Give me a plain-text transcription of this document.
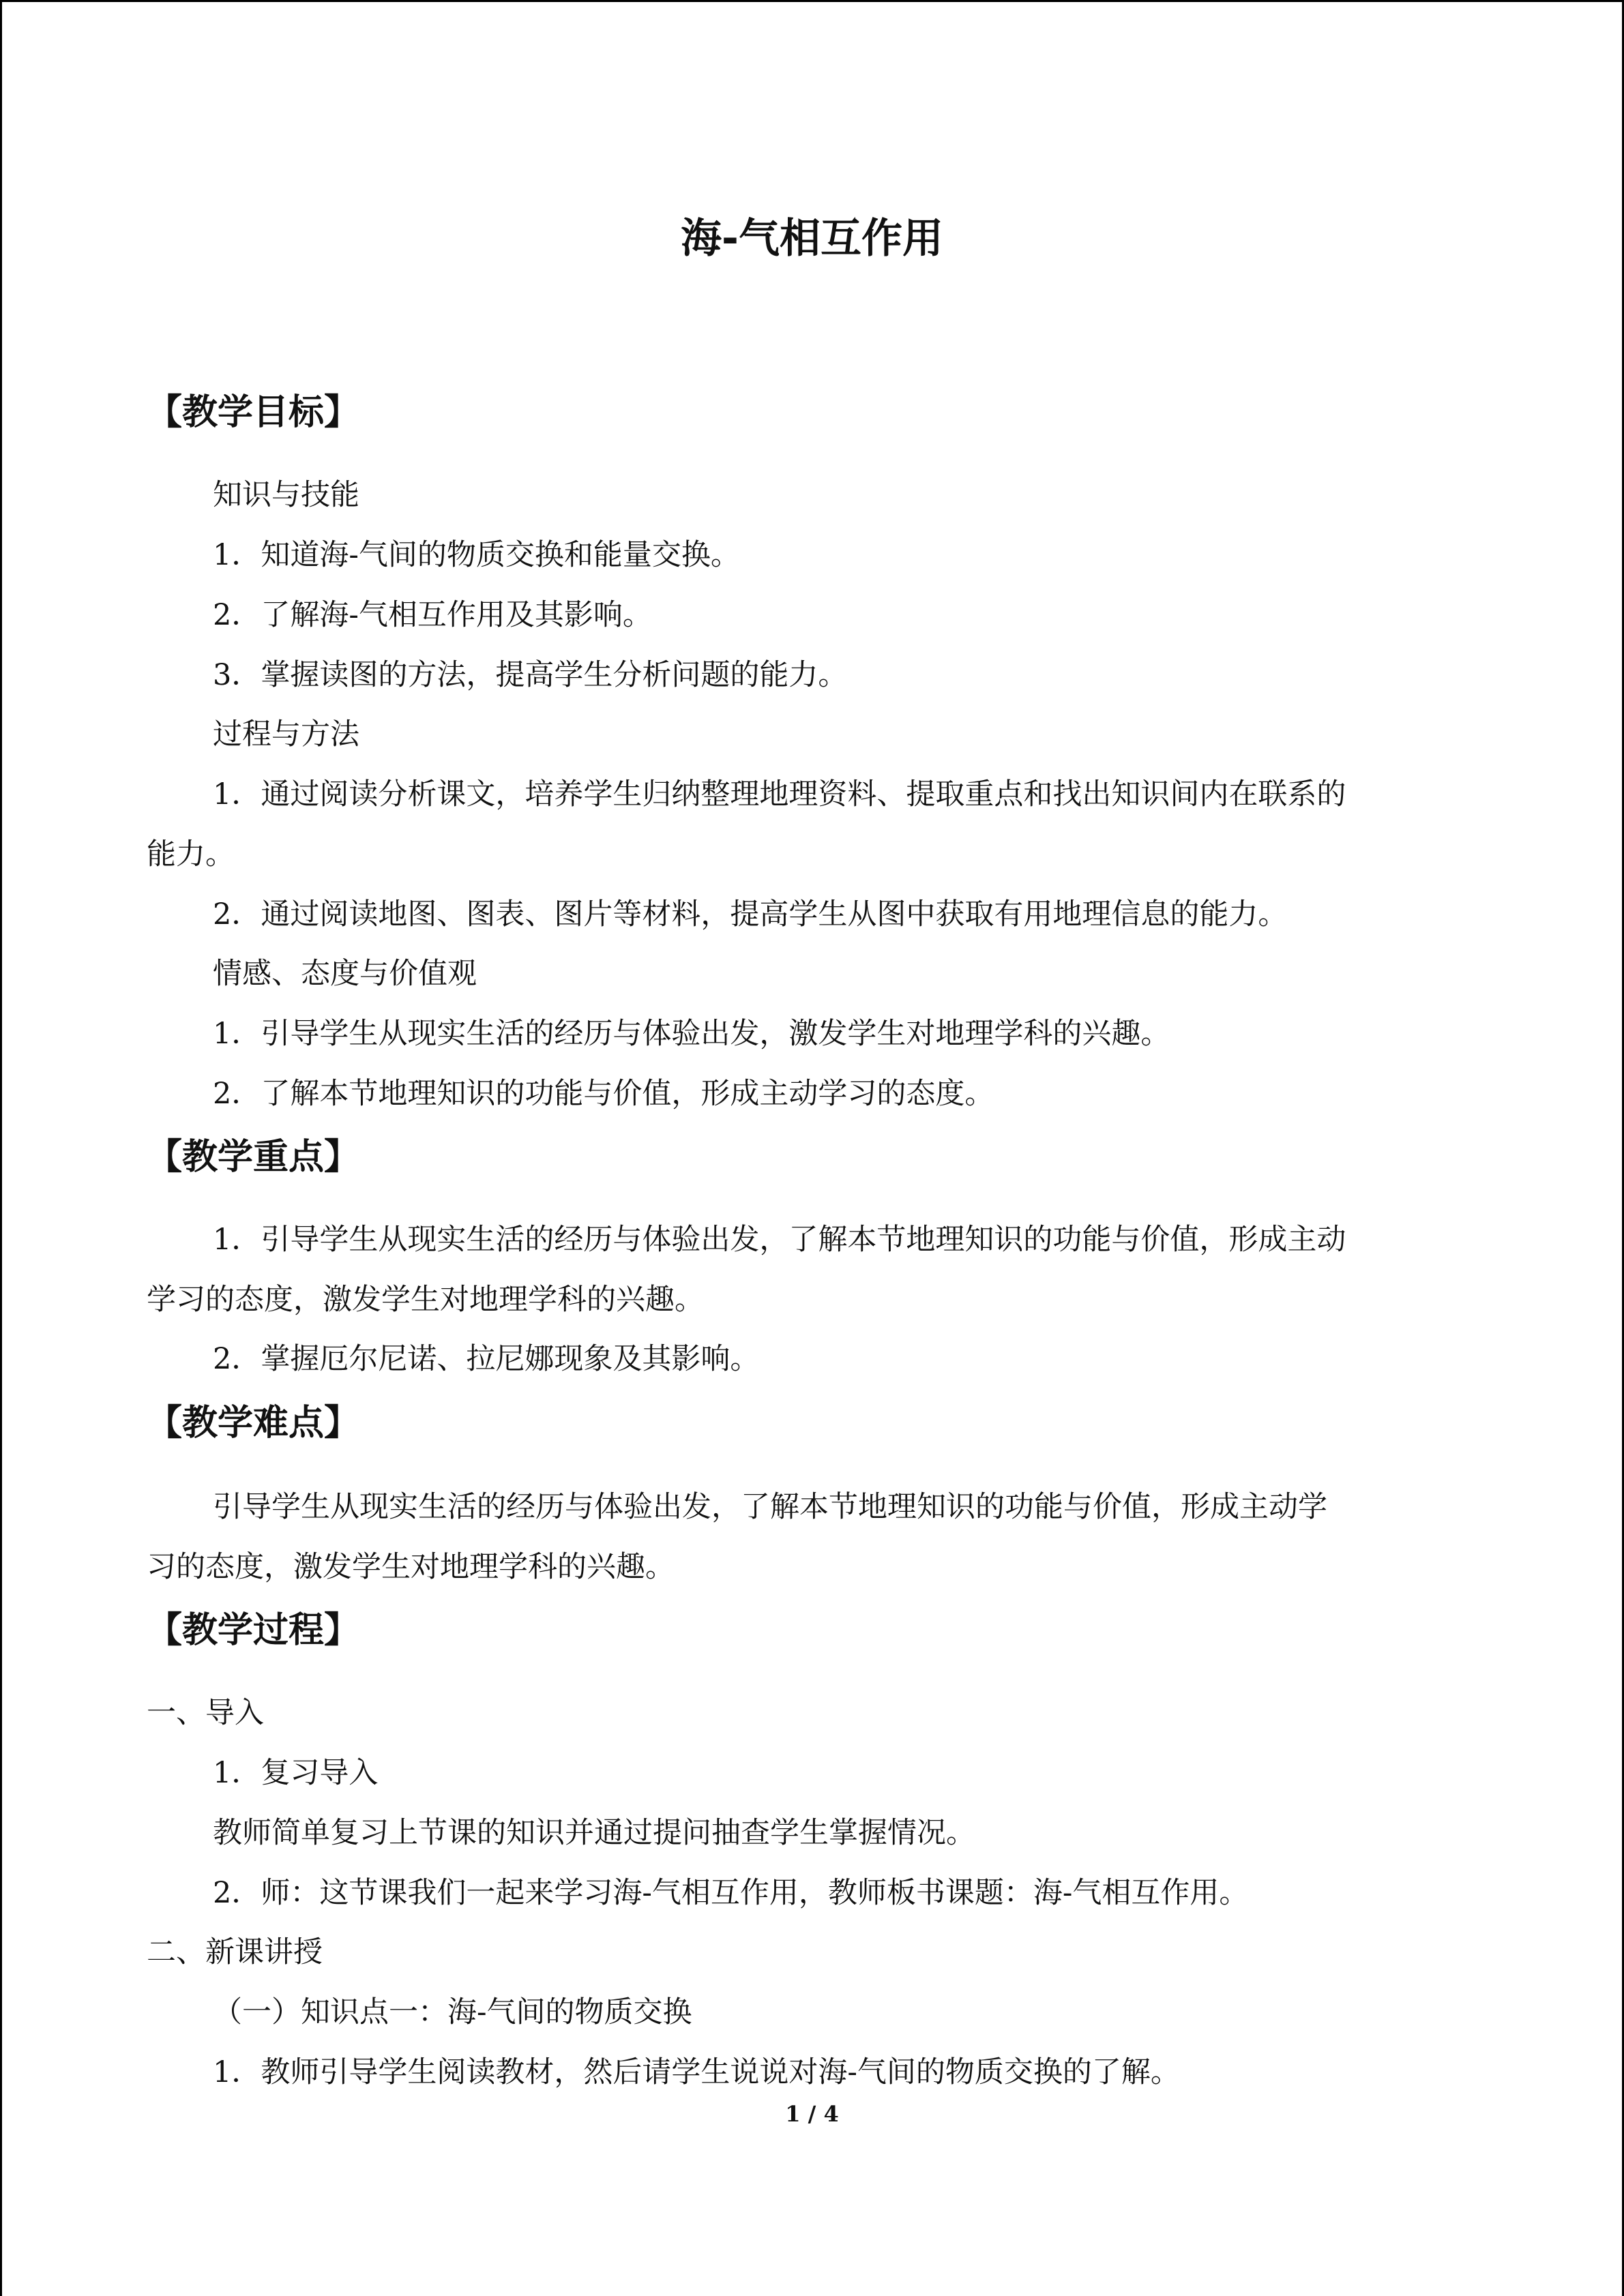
海-气相互作用
【教学目标】

知识与技能

1．知道海-气间的物质交换和能量交换。

2．了解海-气相互作用及其影响。

3．掌握读图的方法，提高学生分析问题的能力。

过程与方法

1．通过阅读分析课文，培养学生归纳整理地理资料、提取重点和找出知识间内在联系的

能力。

2．通过阅读地图、图表、图片等材料，提高学生从图中获取有用地理信息的能力。

情感、态度与价值观

1．引导学生从现实生活的经历与体验出发，激发学生对地理学科的兴趣。

2．了解本节地理知识的功能与价值，形成主动学习的态度。

【教学重点】

1．引导学生从现实生活的经历与体验出发，了解本节地理知识的功能与价值，形成主动

学习的态度，激发学生对地理学科的兴趣。

2．掌握厄尔尼诺、拉尼娜现象及其影响。

【教学难点】

引导学生从现实生活的经历与体验出发，了解本节地理知识的功能与价值，形成主动学

习的态度，激发学生对地理学科的兴趣。

【教学过程】

一、导入

1．复习导入

教师简单复习上节课的知识并通过提问抽查学生掌握情况。

2．师：这节课我们一起来学习海-气相互作用，教师板书课题：海-气相互作用。

二、新课讲授

（一）知识点一：海-气间的物质交换

1．教师引导学生阅读教材，然后请学生说说对海-气间的物质交换的了解。

1 / 4
